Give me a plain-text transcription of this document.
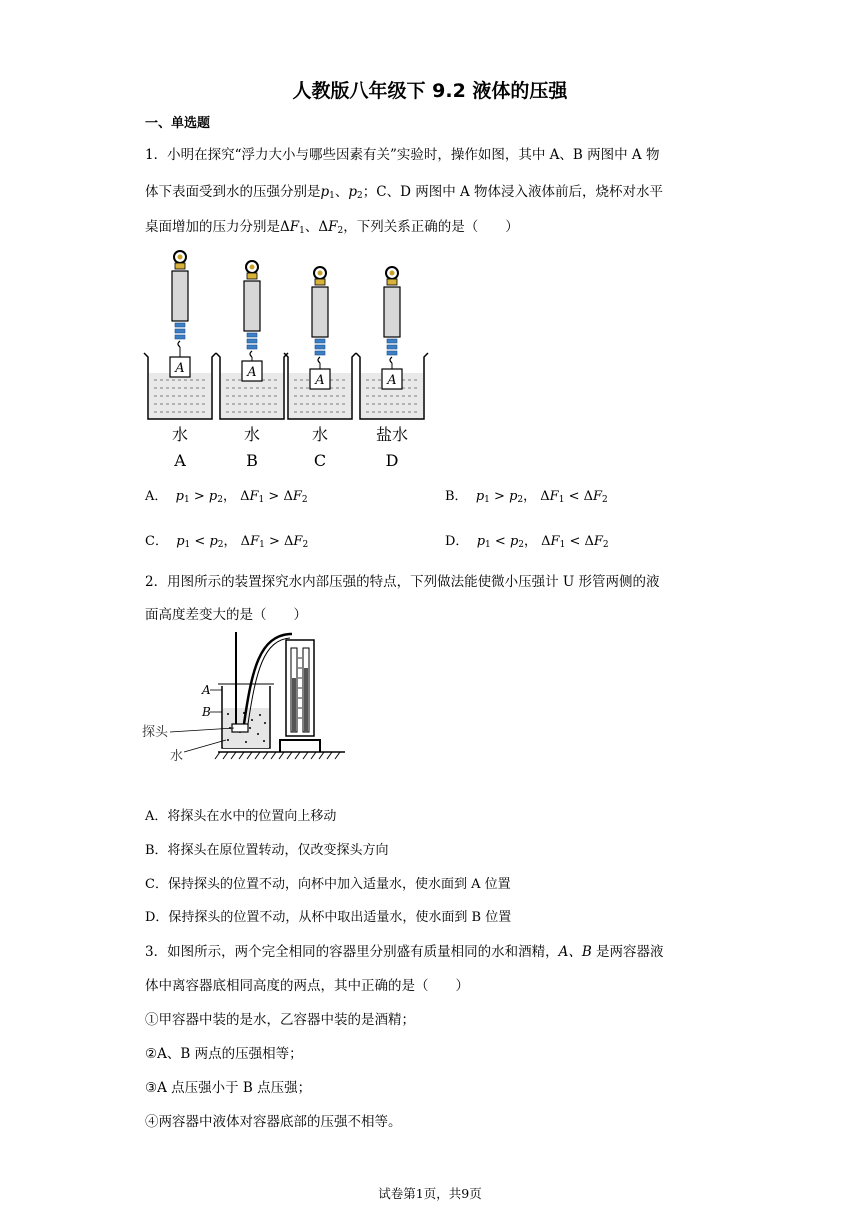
人教版八年级下 9.2 液体的压强
一、单选题
1．小明在探究“浮力大小与哪些因素有关”实验时，操作如图，其中 A、B 两图中 A 物
体下表面受到水的压强分别是$p_1$、$p_2$；C、D 两图中 A 物体浸入液体前后，烧杯对水平
桌面增加的压力分别是$\Delta F_1$、$\Delta F_2$，下列关系正确的是（　　）
A
水
A
A
水
B
A
水
C
A
盐水
D
A． $p_1 > p_2$， $\Delta F_1 > \Delta F_2$	B． $p_1 > p_2$， $\Delta F_1 < \Delta F_2$
C． $p_1 < p_2$， $\Delta F_1 > \Delta F_2$	D． $p_1 < p_2$， $\Delta F_1 < \Delta F_2$
2．用图所示的装置探究水内部压强的特点，下列做法能使微小压强计 U 形管两侧的液
面高度差变大的是（　　）
A
B
探头
水
A．将探头在水中的位置向上移动
B．将探头在原位置转动，仅改变探头方向
C．保持探头的位置不动，向杯中加入适量水，使水面到 A 位置
D．保持探头的位置不动，从杯中取出适量水，使水面到 B 位置
3．如图所示，两个完全相同的容器里分别盛有质量相同的水和酒精，A、B 是两容器液
体中离容器底相同高度的两点，其中正确的是（　　）
①甲容器中装的是水，乙容器中装的是酒精；
②A、B 两点的压强相等；
③A 点压强小于 B 点压强；
④两容器中液体对容器底部的压强不相等。
试卷第1页，共9页
